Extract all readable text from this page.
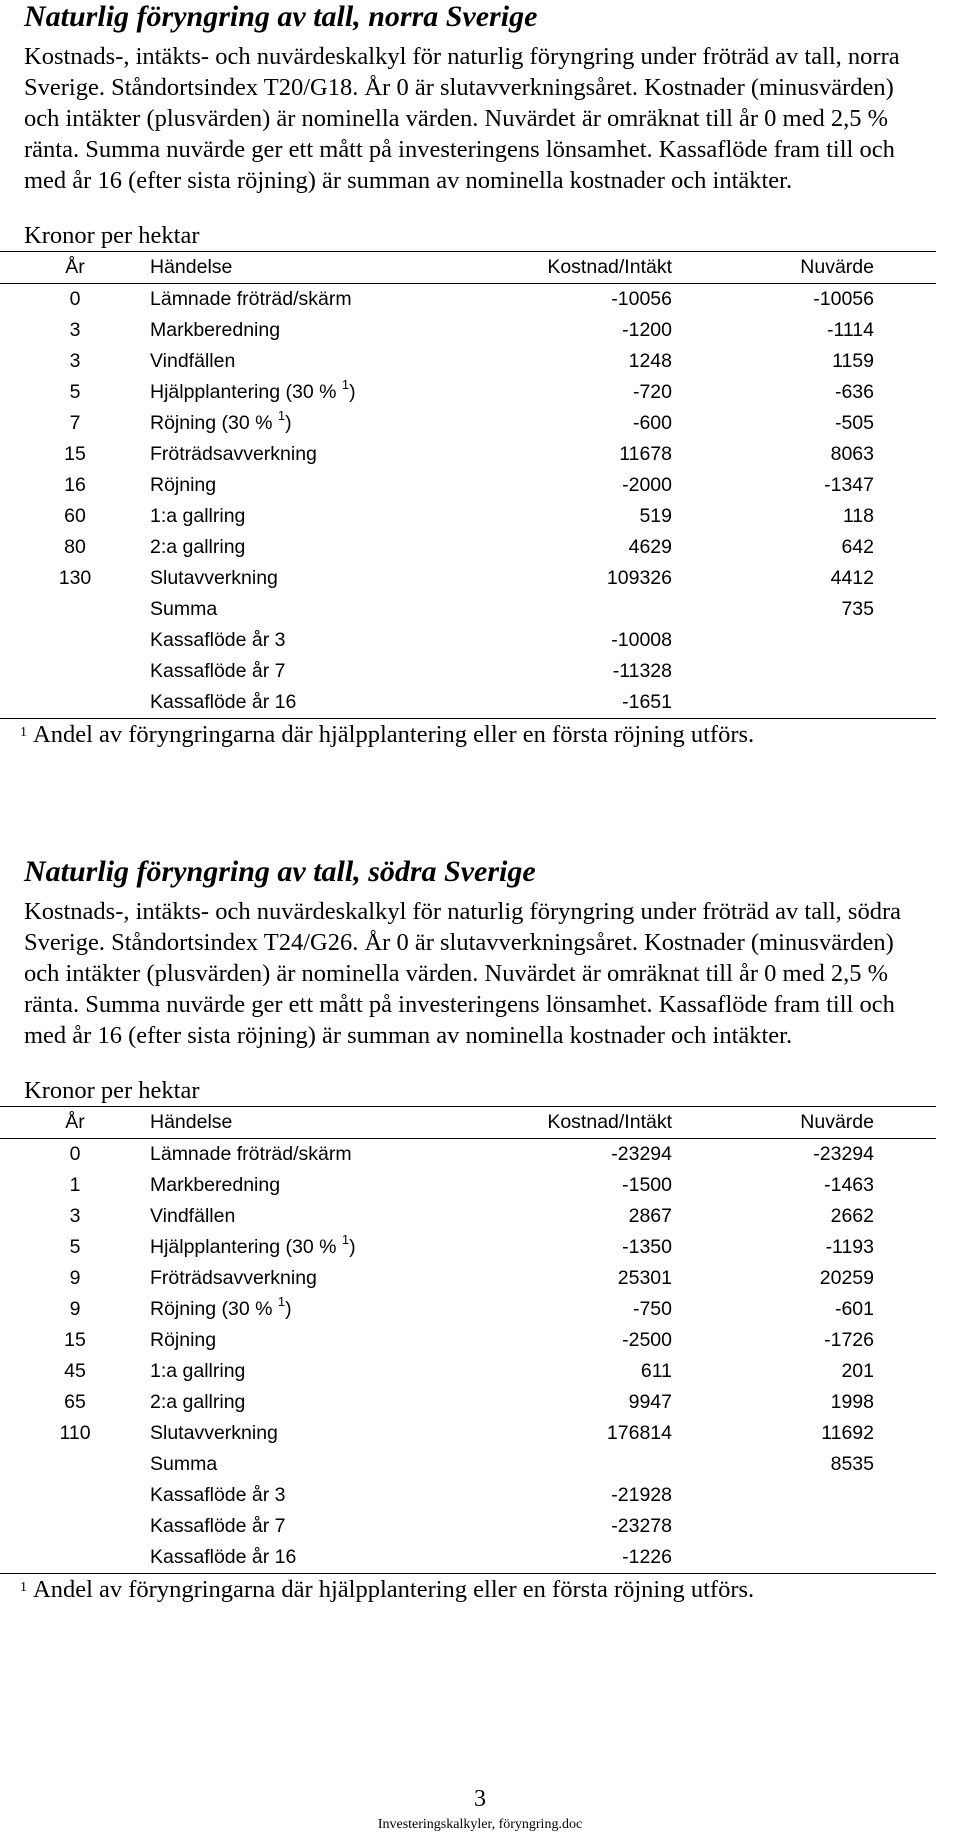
Naturlig föryngring av tall, norra Sverige

Kostnads-, intäkts- och nuvärdeskalkyl för naturlig föryngring under fröträd av tall, norra Sverige. Ståndortsindex T20/G18. År 0 är slutavverkningsåret. Kostnader (minusvärden) och intäkter (plusvärden) är nominella värden. Nuvärdet är omräknat till år 0 med 2,5 % ränta. Summa nuvärde ger ett mått på investeringens lönsamhet. Kassaflöde fram till och med år 16 (efter sista röjning) är summan av nominella kostnader och intäkter.

Kronor per hektar

År	Händelse	Kostnad/Intäkt	Nuvärde	
0	Lämnade fröträd/skärm	-10056	-10056	
3	Markberedning	-1200	-1114	
3	Vindfällen	1248	1159	
5	Hjälpplantering (30 % $^1$)	-720	-636	
7	Röjning (30 % $^1$)	-600	-505	
15	Fröträdsavverkning	11678	8063	
16	Röjning	-2000	-1347	
60	1:a gallring	519	118	
80	2:a gallring	4629	642	
130	Slutavverkning	109326	4412	
	Summa		735	
	Kassaflöde år 3	-10008		
	Kassaflöde år 7	-11328		
	Kassaflöde år 16	-1651		

$^1$ Andel av föryngringarna där hjälpplantering eller en första röjning utförs.				

Naturlig föryngring av tall, södra Sverige

Kostnads-, intäkts- och nuvärdeskalkyl för naturlig föryngring under fröträd av tall, södra Sverige. Ståndortsindex T24/G26. År 0 är slutavverkningsåret. Kostnader (minusvärden) och intäkter (plusvärden) är nominella värden. Nuvärdet är omräknat till år 0 med 2,5 % ränta. Summa nuvärde ger ett mått på investeringens lönsamhet. Kassaflöde fram till och med år 16 (efter sista röjning) är summan av nominella kostnader och intäkter.

Kronor per hektar

År	Händelse	Kostnad/Intäkt	Nuvärde	
0	Lämnade fröträd/skärm	-23294	-23294	
1	Markberedning	-1500	-1463	
3	Vindfällen	2867	2662	
5	Hjälpplantering (30 % $^1$)	-1350	-1193	
9	Fröträdsavverkning	25301	20259	
9	Röjning (30 % $^1$)	-750	-601	
15	Röjning	-2500	-1726	
45	1:a gallring	611	201	
65	2:a gallring	9947	1998	
110	Slutavverkning	176814	11692	
	Summa		8535	
	Kassaflöde år 3	-21928		
	Kassaflöde år 7	-23278		
	Kassaflöde år 16	-1226		

$^1$ Andel av föryngringarna där hjälpplantering eller en första röjning utförs.				

3
Investeringskalkyler, föryngring.doc
